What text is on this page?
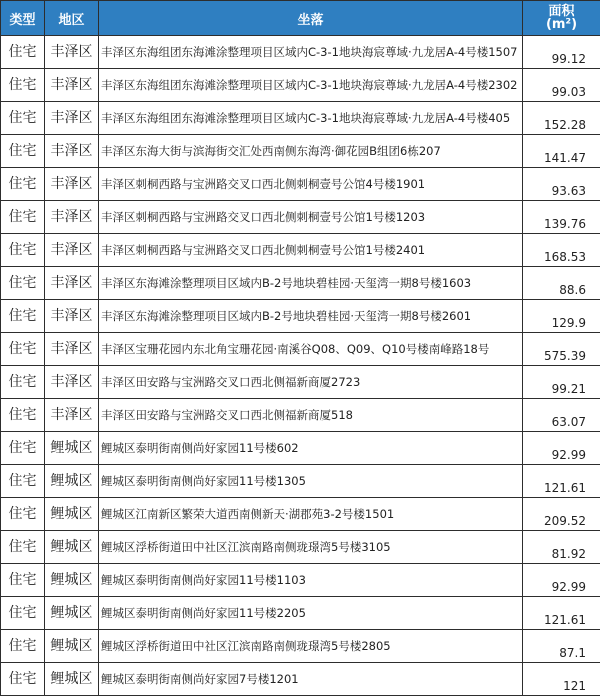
类型	地区	坐落	面积
(m²)

住宅	丰泽区	丰泽区东海组团东海滩涂整理项目区域内C-3-1地块海宸尊域·九龙居A-4号楼1507	99.12
住宅	丰泽区	丰泽区东海组团东海滩涂整理项目区域内C-3-1地块海宸尊域·九龙居A-4号楼2302	99.03
住宅	丰泽区	丰泽区东海组团东海滩涂整理项目区域内C-3-1地块海宸尊域·九龙居A-4号楼405	152.28
住宅	丰泽区	丰泽区东海大街与滨海街交汇处西南侧东海湾·御花园B组团6栋207	141.47
住宅	丰泽区	丰泽区刺桐西路与宝洲路交叉口西北侧刺桐壹号公馆4号楼1901	93.63
住宅	丰泽区	丰泽区刺桐西路与宝洲路交叉口西北侧刺桐壹号公馆1号楼1203	139.76
住宅	丰泽区	丰泽区刺桐西路与宝洲路交叉口西北侧刺桐壹号公馆1号楼2401	168.53
住宅	丰泽区	丰泽区东海滩涂整理项目区域内B-2号地块碧桂园·天玺湾一期8号楼1603	88.6
住宅	丰泽区	丰泽区东海滩涂整理项目区域内B-2号地块碧桂园·天玺湾一期8号楼2601	129.9
住宅	丰泽区	丰泽区宝珊花园内东北角宝珊花园·南溪谷Q08、Q09、Q10号楼南峰路18号	575.39
住宅	丰泽区	丰泽区田安路与宝洲路交叉口西北侧福新商厦2723	99.21
住宅	丰泽区	丰泽区田安路与宝洲路交叉口西北侧福新商厦518	63.07
住宅	鲤城区	鲤城区泰明街南侧尚好家园11号楼602	92.99
住宅	鲤城区	鲤城区泰明街南侧尚好家园11号楼1305	121.61
住宅	鲤城区	鲤城区江南新区繁荣大道西南侧新天·湖郡苑3-2号楼1501	209.52
住宅	鲤城区	鲤城区浮桥街道田中社区江滨南路南侧珑璟湾5号楼3105	81.92
住宅	鲤城区	鲤城区泰明街南侧尚好家园11号楼1103	92.99
住宅	鲤城区	鲤城区泰明街南侧尚好家园11号楼2205	121.61
住宅	鲤城区	鲤城区浮桥街道田中社区江滨南路南侧珑璟湾5号楼2805	87.1
住宅	鲤城区	鲤城区泰明街南侧尚好家园7号楼1201	121
